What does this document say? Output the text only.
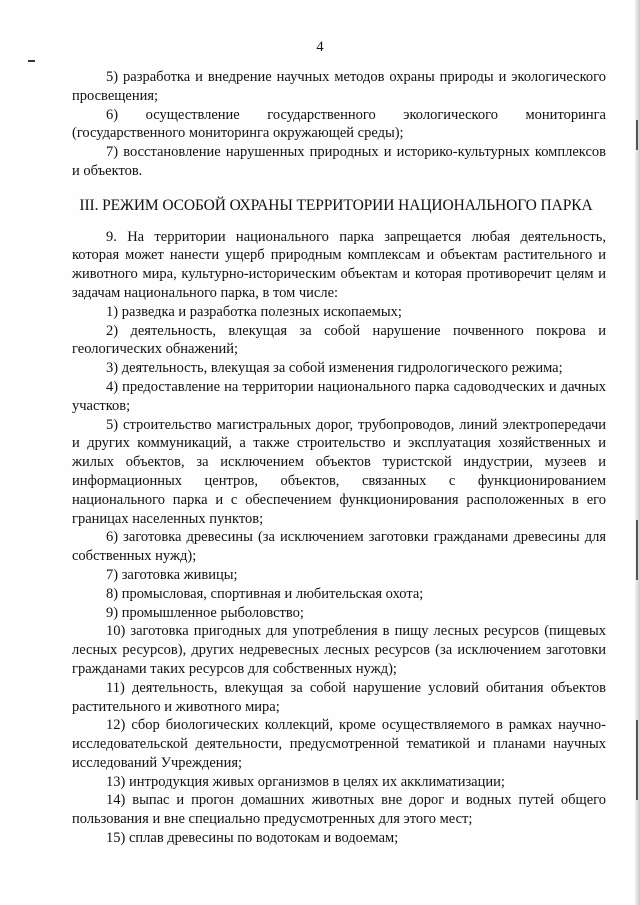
4

5) разработка и внедрение научных методов охраны природы и экологического просвещения;

6) осуществление государственного экологического мониторинга (государственного мониторинга окружающей среды);

7) восстановление нарушенных природных и историко-культурных комплексов и объектов.

III. РЕЖИМ ОСОБОЙ ОХРАНЫ ТЕРРИТОРИИ НАЦИОНАЛЬНОГО ПАРКА

9. На территории национального парка запрещается любая деятельность, которая может нанести ущерб природным комплексам и объектам растительного и животного мира, культурно-историческим объектам и которая противоречит целям и задачам национального парка, в том числе:

1) разведка и разработка полезных ископаемых;

2) деятельность, влекущая за собой нарушение почвенного покрова и геологических обнажений;

3) деятельность, влекущая за собой изменения гидрологического режима;

4) предоставление на территории национального парка садоводческих и дачных участков;

5) строительство магистральных дорог, трубопроводов, линий электропередачи и других коммуникаций, а также строительство и эксплуатация хозяйственных и жилых объектов, за исключением объектов туристской индустрии, музеев и информационных центров, объектов, связанных с функционированием национального парка и с обеспечением функционирования расположенных в его границах населенных пунктов;

6) заготовка древесины (за исключением заготовки гражданами древесины для собственных нужд);

7) заготовка живицы;

8) промысловая, спортивная и любительская охота;

9) промышленное рыболовство;

10) заготовка пригодных для употребления в пищу лесных ресурсов (пищевых лесных ресурсов), других недревесных лесных ресурсов (за исключением заготовки гражданами таких ресурсов для собственных нужд);

11) деятельность, влекущая за собой нарушение условий обитания объектов растительного и животного мира;

12) сбор биологических коллекций, кроме осуществляемого в рамках научно-исследовательской деятельности, предусмотренной тематикой и планами научных исследований Учреждения;

13) интродукция живых организмов в целях их акклиматизации;

14) выпас и прогон домашних животных вне дорог и водных путей общего пользования и вне специально предусмотренных для этого мест;

15) сплав древесины по водотокам и водоемам;
